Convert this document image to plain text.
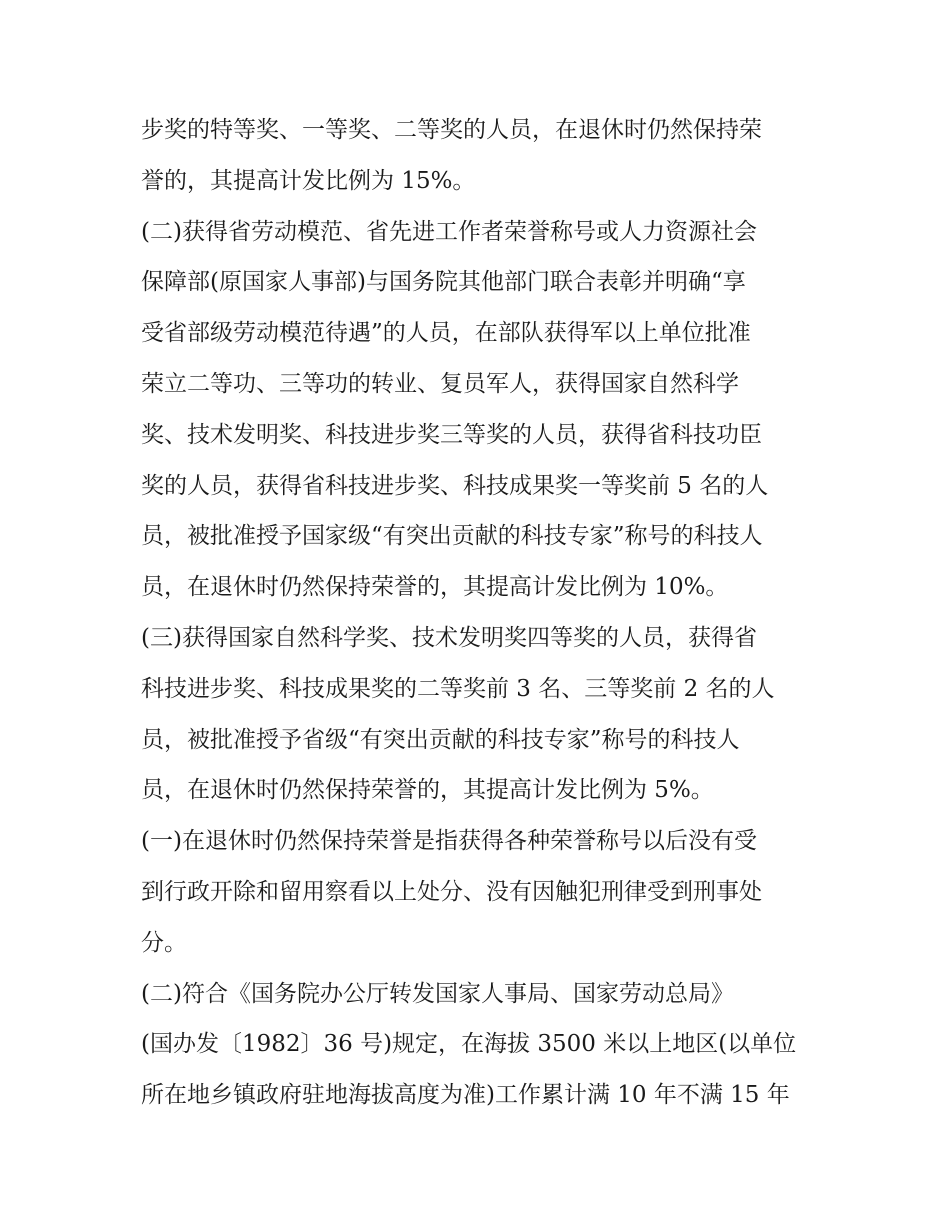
步奖的特等奖、一等奖、二等奖的人员，在退休时仍然保持荣
誉的，其提高计发比例为 15%。
(二)获得省劳动模范、省先进工作者荣誉称号或人力资源社会
保障部(原国家人事部)与国务院其他部门联合表彰并明确“享
受省部级劳动模范待遇”的人员，在部队获得军以上单位批准
荣立二等功、三等功的转业、复员军人，获得国家自然科学
奖、技术发明奖、科技进步奖三等奖的人员，获得省科技功臣
奖的人员，获得省科技进步奖、科技成果奖一等奖前 5 名的人
员，被批准授予国家级“有突出贡献的科技专家”称号的科技人
员，在退休时仍然保持荣誉的，其提高计发比例为 10%。
(三)获得国家自然科学奖、技术发明奖四等奖的人员，获得省
科技进步奖、科技成果奖的二等奖前 3 名、三等奖前 2 名的人
员，被批准授予省级“有突出贡献的科技专家”称号的科技人
员，在退休时仍然保持荣誉的，其提高计发比例为 5%。
(一)在退休时仍然保持荣誉是指获得各种荣誉称号以后没有受
到行政开除和留用察看以上处分、没有因触犯刑律受到刑事处
分。
(二)符合《国务院办公厅转发国家人事局、国家劳动总局》
(国办发〔1982〕36 号)规定，在海拔 3500 米以上地区(以单位
所在地乡镇政府驻地海拔高度为准)工作累计满 10 年不满 15 年
